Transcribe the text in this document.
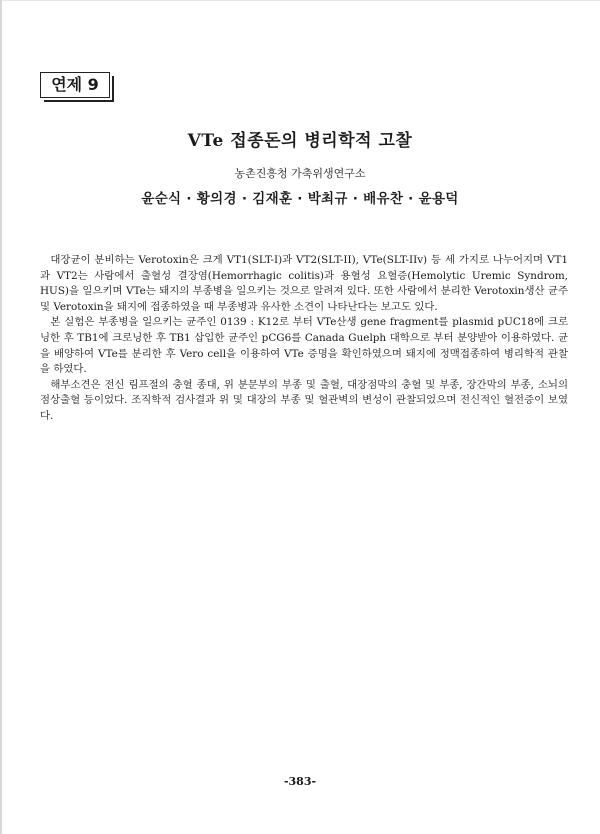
연제 9
VTe 접종돈의 병리학적 고찰
농촌진흥청 가축위생연구소
윤순식 · 황의경 · 김재훈 · 박최규 · 배유찬 · 윤용덕

대장균이 분비하는 Verotoxin은 크게 VT1(SLT-I)과 VT2(SLT-II), VTe(SLT-IIv) 등 세 가지로 나누어지며 VT1과 VT2는 사람에서 출혈성 결장염(Hemorrhagic colitis)과 용혈성 요혈증(Hemolytic Uremic Syndrom, HUS)을 일으키며 VTe는 돼지의 부종병을 일으키는 것으로 알려져 있다. 또한 사람에서 분리한 Verotoxin생산 균주 및 Verotoxin을 돼지에 접종하였을 때 부종병과 유사한 소견이 나타난다는 보고도 있다.

본 실험은 부종병을 일으키는 균주인 0139 : K12로 부터 VTe산생 gene fragment를 plasmid pUC18에 크로닝한 후 TB1에 크로닝한 후 TB1 삽입한 균주인 pCG6를 Canada Guelph 대학으로 부터 분양받아 이용하였다. 균을 배양하여 VTe를 분리한 후 Vero cell을 이용하여 VTe 증명을 확인하였으며 돼지에 정맥접종하여 병리학적 관찰을 하였다.

해부소견은 전신 림프절의 충혈 종대, 위 분문부의 부종 및 출혈, 대장점막의 충혈 및 부종, 장간막의 부종, 소뇌의 점상출혈 등이었다. 조직학적 검사결과 위 및 대장의 부종 및 혈관벽의 변성이 관찰되었으며 전신적인 혈전증이 보였다.

-383-
